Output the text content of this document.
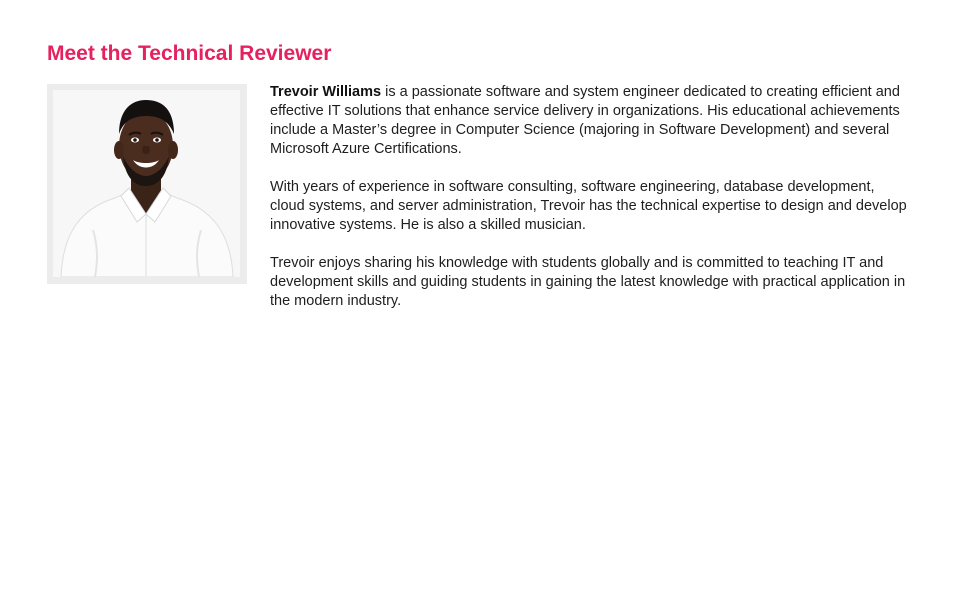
Meet the Technical Reviewer

Trevoir Williams is a passionate software and system engineer dedicated to creating efficient and effective IT solutions that enhance service delivery in organizations. His educational achievements include a Master’s degree in Computer Science (majoring in Software Development) and several Microsoft Azure Certifications.

With years of experience in software consulting, software engineering, database development, cloud systems, and server administration, Trevoir has the technical expertise to design and develop innovative systems. He is also a skilled musician.

Trevoir enjoys sharing his knowledge with students globally and is committed to teaching IT and development skills and guiding students in gaining the latest knowledge with practical application in the modern industry.
